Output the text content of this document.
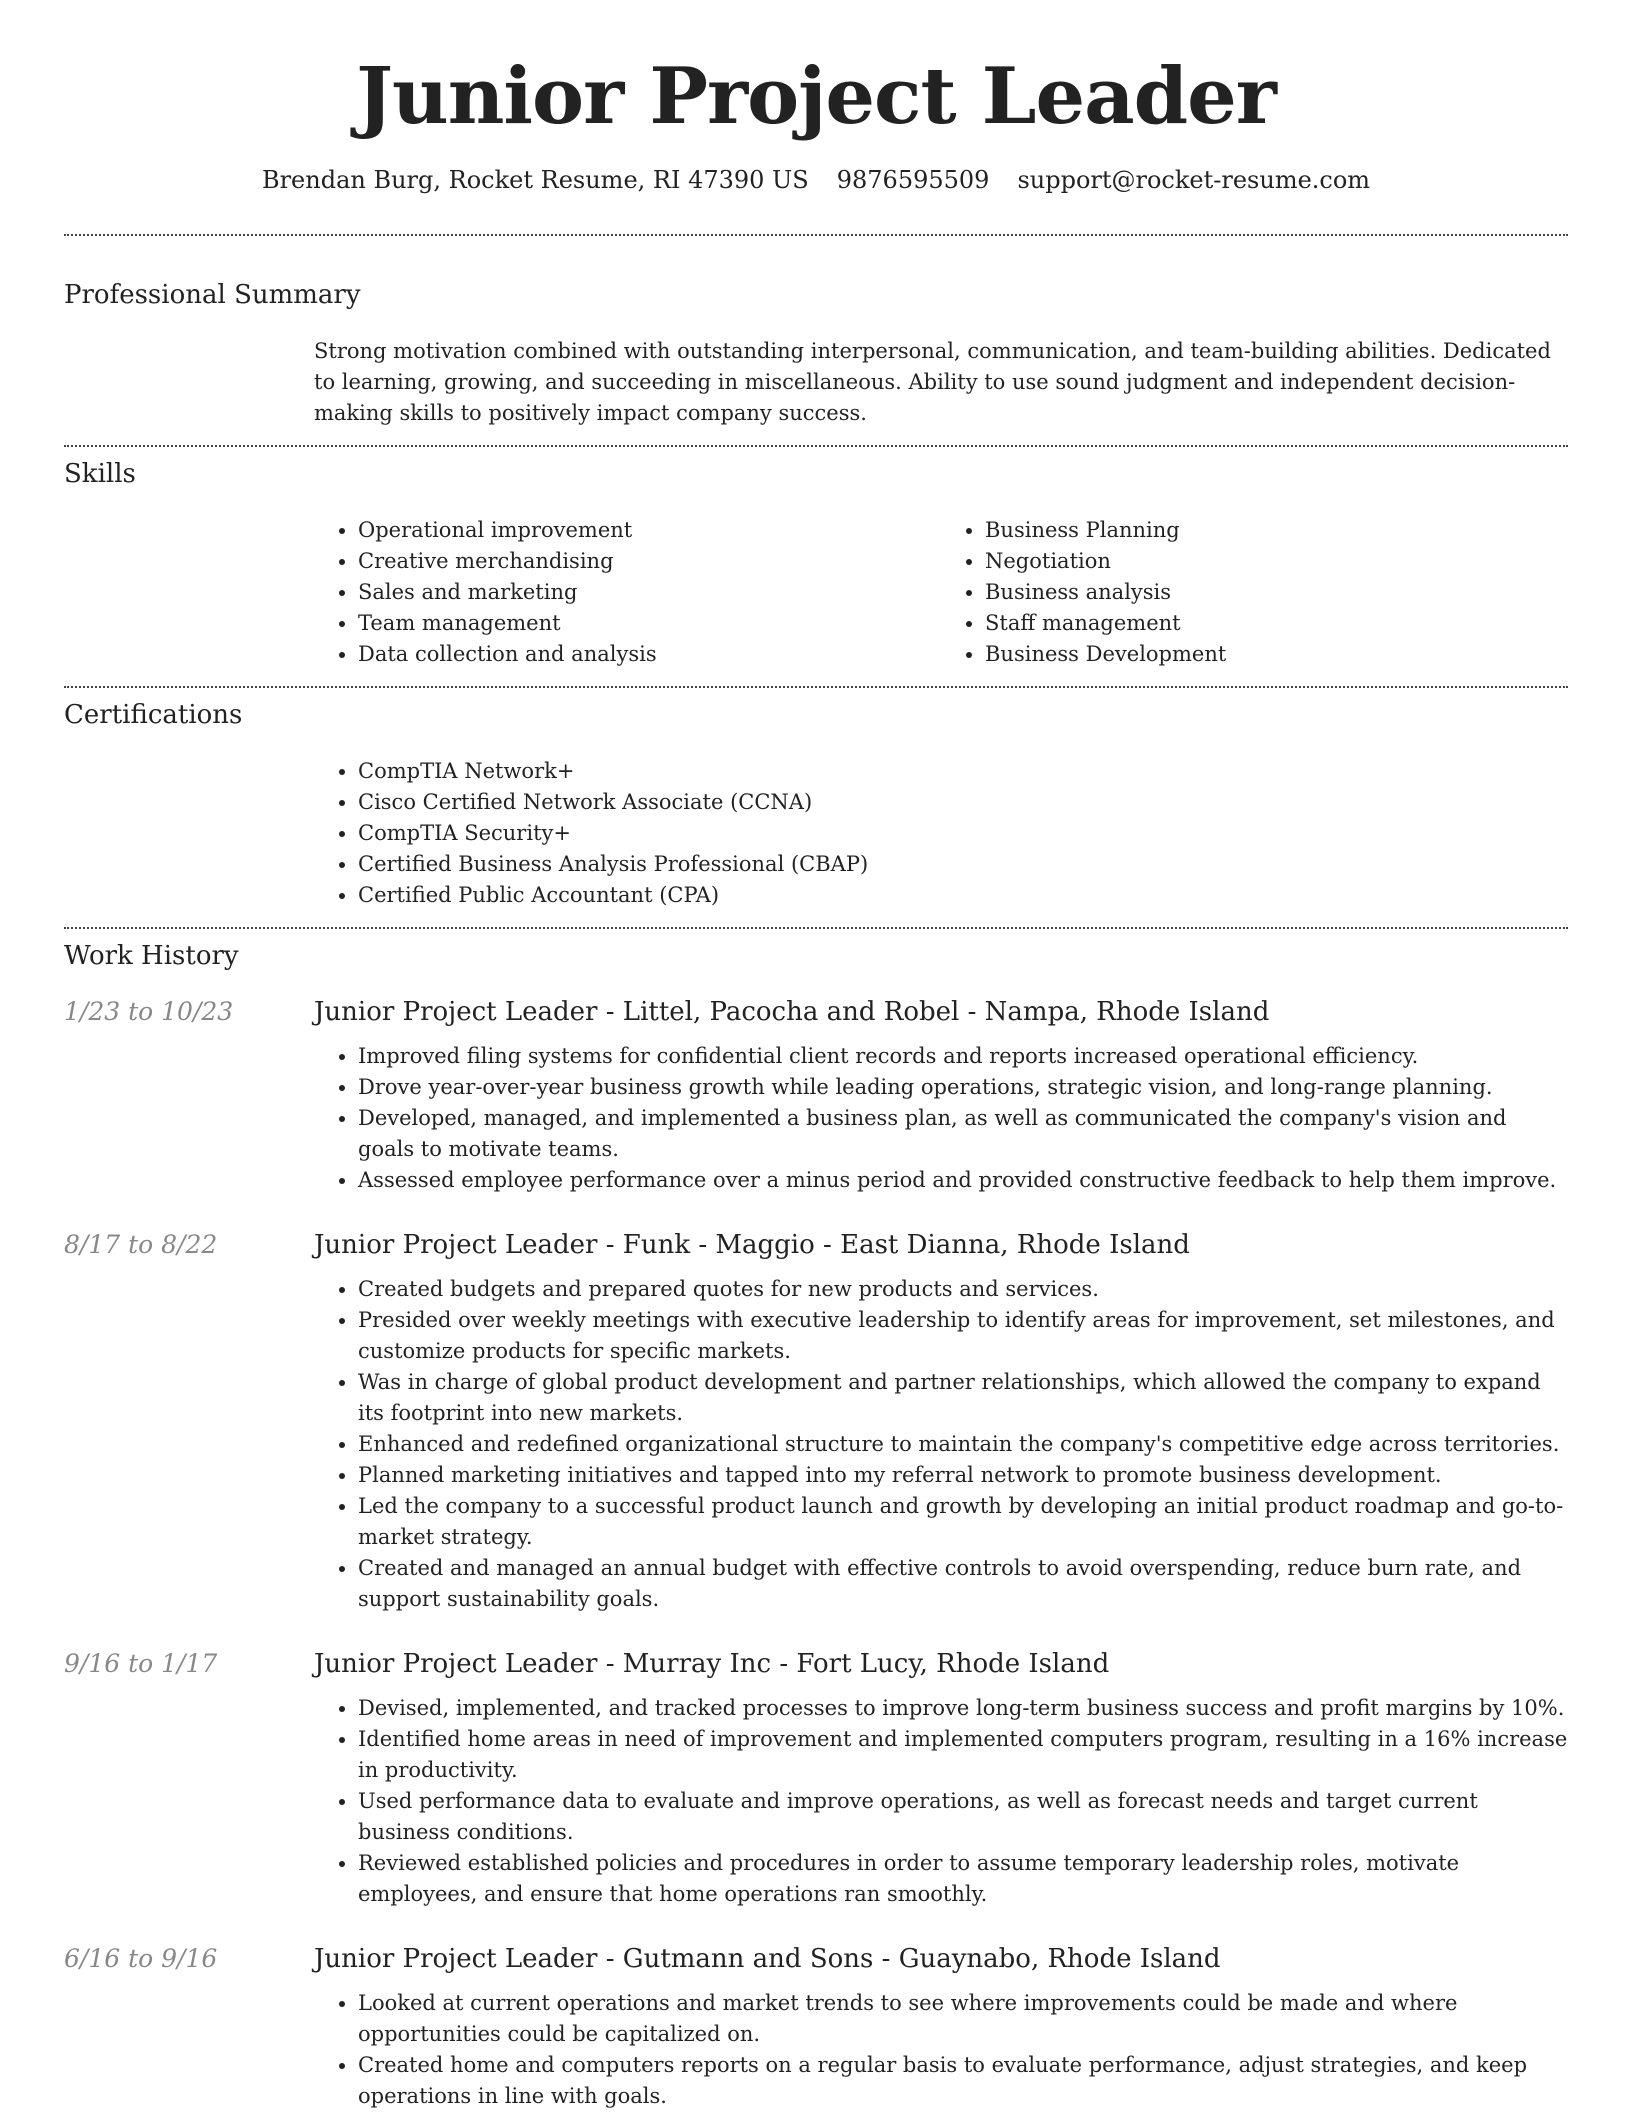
Junior Project Leader
Brendan Burg, Rocket Resume, RI 47390 US 9876595509 support@rocket-resume.com
Professional Summary
Strong motivation combined with outstanding interpersonal, communication, and team-building abilities. Dedicated to learning, growing, and succeeding in miscellaneous. Ability to use sound judgment and independent decision-making skills to positively impact company success.
Skills
• Operational improvement
• Creative merchandising
• Sales and marketing
• Team management
• Data collection and analysis
• Business Planning
• Negotiation
• Business analysis
• Staff management
• Business Development
Certifications
• CompTIA Network+
• Cisco Certified Network Associate (CCNA)
• CompTIA Security+
• Certified Business Analysis Professional (CBAP)
• Certified Public Accountant (CPA)
Work History
1/23 to 10/23	Junior Project Leader - Littel, Pacocha and Robel - Nampa, Rhode Island
• Improved filing systems for confidential client records and reports increased operational efficiency.
• Drove year-over-year business growth while leading operations, strategic vision, and long-range planning.
• Developed, managed, and implemented a business plan, as well as communicated the company's vision and goals to motivate teams.
• Assessed employee performance over a minus period and provided constructive feedback to help them improve.
8/17 to 8/22	Junior Project Leader - Funk - Maggio - East Dianna, Rhode Island
• Created budgets and prepared quotes for new products and services.
• Presided over weekly meetings with executive leadership to identify areas for improvement, set milestones, and customize products for specific markets.
• Was in charge of global product development and partner relationships, which allowed the company to expand its footprint into new markets.
• Enhanced and redefined organizational structure to maintain the company's competitive edge across territories.
• Planned marketing initiatives and tapped into my referral network to promote business development.
• Led the company to a successful product launch and growth by developing an initial product roadmap and go-to-market strategy.
• Created and managed an annual budget with effective controls to avoid overspending, reduce burn rate, and support sustainability goals.
9/16 to 1/17	Junior Project Leader - Murray Inc - Fort Lucy, Rhode Island
• Devised, implemented, and tracked processes to improve long-term business success and profit margins by 10%.
• Identified home areas in need of improvement and implemented computers program, resulting in a 16% increase in productivity.
• Used performance data to evaluate and improve operations, as well as forecast needs and target current business conditions.
• Reviewed established policies and procedures in order to assume temporary leadership roles, motivate employees, and ensure that home operations ran smoothly.
6/16 to 9/16	Junior Project Leader - Gutmann and Sons - Guaynabo, Rhode Island
• Looked at current operations and market trends to see where improvements could be made and where opportunities could be capitalized on.
• Created home and computers reports on a regular basis to evaluate performance, adjust strategies, and keep operations in line with goals.
